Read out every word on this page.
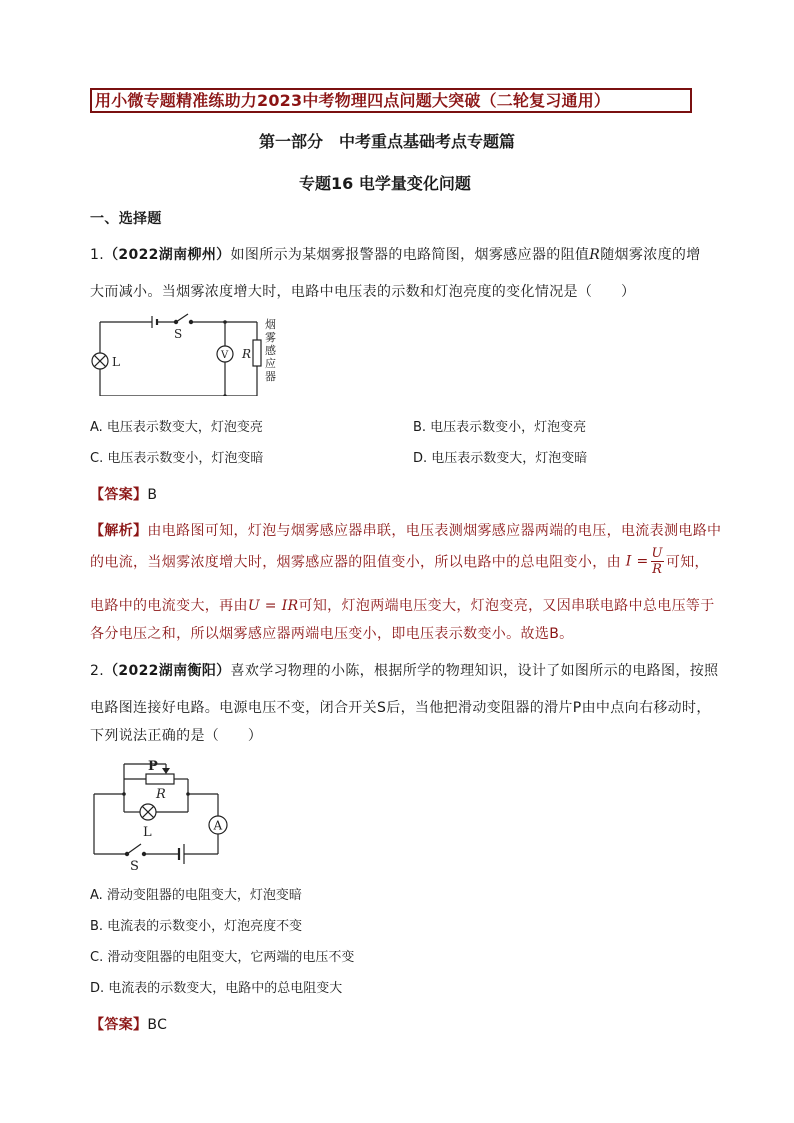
用小微专题精准练助力2023中考物理四点问题大突破（二轮复习通用）
第一部分　中考重点基础考点专题篇
专题16 电学量变化问题
一、选择题
1.（2022湖南柳州）如图所示为某烟雾报警器的电路简图，烟雾感应器的阻值R随烟雾浓度的增
大而减小。当烟雾浓度增大时，电路中电压表的示数和灯泡亮度的变化情况是（　　）
S
L	V R
烟
雾
感
应
器
A. 电压表示数变大，灯泡变亮	B. 电压表示数变小，灯泡变亮
C. 电压表示数变小，灯泡变暗	D. 电压表示数变大，灯泡变暗
【答案】B
【解析】由电路图可知，灯泡与烟雾感应器串联，电压表测烟雾感应器两端的电压，电流表测电路中
的电流，当烟雾浓度增大时，烟雾感应器的阻值变小，所以电路中的总电阻变小，由 $I = \frac{U}{R}$ 可知，
电路中的电流变大，再由U = IR可知，灯泡两端电压变大，灯泡变亮，又因串联电路中总电压等于
各分电压之和，所以烟雾感应器两端电压变小，即电压表示数变小。故选B。
2.（2022湖南衡阳）喜欢学习物理的小陈，根据所学的物理知识，设计了如图所示的电路图，按照
电路图连接好电路。电源电压不变，闭合开关S后，当他把滑动变阻器的滑片P由中点向右移动时，
下列说法正确的是（　　）
P
R
L	A
S
A. 滑动变阻器的电阻变大，灯泡变暗
B. 电流表的示数变小，灯泡亮度不变
C. 滑动变阻器的电阻变大，它两端的电压不变
D. 电流表的示数变大，电路中的总电阻变大
【答案】BC
